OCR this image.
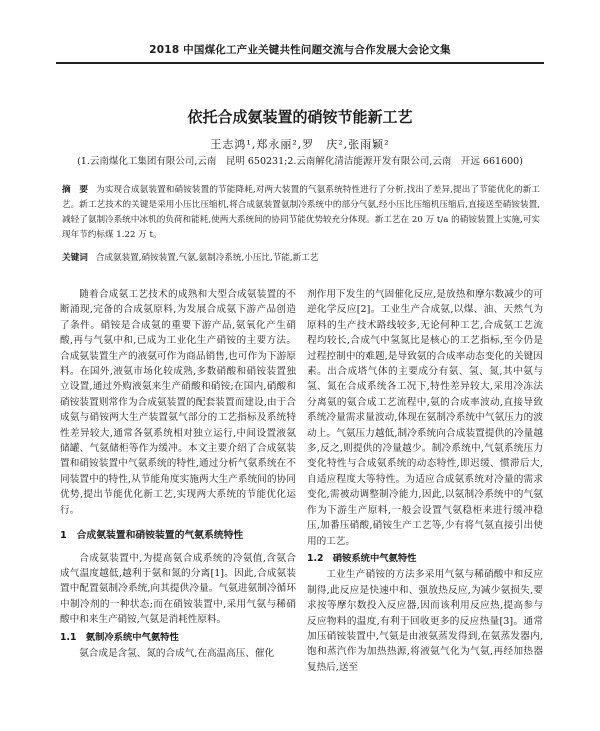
2018 中国煤化工产业关键共性问题交流与合作发展大会论文集
依托合成氨装置的硝铵节能新工艺
王志鸿¹,郑永丽²,罗　庆²,张雨颖²
(1.云南煤化工集团有限公司,云南　昆明 650231;2.云南解化清洁能源开发有限公司,云南　开远 661600)
摘　要 为实现合成氨装置和硝铵装置的节能降耗,对两大装置的气氨系统特性进行了分析,找出了差异,提出了节能优化的新工艺。新工艺技术的关键是采用小压比压缩机,将合成氨装置氨制冷系统中的部分气氨,经小压比压缩机压缩后,直接送至硝铵装置,减轻了氨制冷系统中冰机的负荷和能耗,使两大系统间的协同节能优势较充分体现。新工艺在 20 万 t/a 的硝铵装置上实施,可实现年节约标煤 1.22 万 t。
关键词 合成氨装置,硝铵装置,气氨,氨制冷系统,小压比,节能,新工艺

随着合成氨工艺技术的成熟和大型合成氨装置的不断涌现,完备的合成氨原料,为发展合成氨下游产品创造了条件。硝铵是合成氨的重要下游产品,氨氧化产生硝酸,再与气氨中和,已成为工业化生产硝铵的主要方法。合成氨装置生产的液氨可作为商品销售,也可作为下游原料。在国外,液氨市场化较成熟,多数硝酸和硝铵装置独立设置,通过外购液氨来生产硝酸和硝铵;在国内,硝酸和硝铵装置则常作为合成氨装置的配套装置而建设,由于合成氨与硝铵两大生产装置氨气部分的工艺指标及系统特性差异较大,通常各氨系统相对独立运行,中间设置液氨储罐、气氨储柜等作为缓冲。本文主要介绍了合成氨装置和硝铵装置中气氨系统的特性,通过分析气氨系统在不同装置中的特性,从节能角度实施两大生产系统间的协同优势,提出节能优化新工艺,实现两大系统的节能优化运行。

1　合成氨装置和硝铵装置的气氨系统特性

合成氨装置中,为提高氨合成系统的冷氨值,含氨合成气温度越低,越利于氨和氮的分离[1]。因此,合成氨装置中配置氨制冷系统,向其提供冷量。气氨进氨制冷循环中制冷剂的一种状态;而在硝铵装置中,采用气氨与稀硝酸中和来生产硝铵,气氨是消耗性原料。

1.1　氨制冷系统中气氨特性

氨合成是含氢、氮的合成气,在高温高压、催化

剂作用下发生的气固催化反应,是放热和摩尔数减少的可逆化学反应[2]。工业生产合成氨,以煤、油、天然气为原料的生产技术路线较多,无论何种工艺,合成氨工艺流程均较长,合成气中氢氮比是核心的工艺指标,至今仍是过程控制中的难题,是导致氨的合成率动态变化的关键因素。出合成塔气体的主要成分有氨、氢、氮,其中氨与氢、氮在合成系统各工况下,特性差异较大,采用冷冻法分离氨的氨合成工艺流程中,氨的合成率波动,直接导致系统冷量需求量波动,体现在氨制冷系统中气氨压力的波动上。气氨压力越低,制冷系统向合成装置提供的冷量越多,反之,则提供的冷量越少。制冷系统中,气氨系统压力变化特性与合成氨系统的动态特性,即迟缓、惯滞后大,自适应程度大等特性。为适应合成氨系统对冷量的需求变化,需被动调整制冷能力,因此,以氨制冷系统中的气氨作为下游生产原料,一般会设置气氨稳柜来进行缓冲稳压,加番压硝酸,硝铵生产工艺等,少有将气氨直接引出使用的工艺。

1.2　硝铵系统中气氨特性

工业生产硝铵的方法多采用气氨与稀硝酸中和反应制得,此反应是快速中和、强放热反应,为减少氨损失,要求按等摩尔数投入反应器,因而该利用反应热,提高参与反应物料的温度,有利于回收更多的反应热量[3]。通常加压硝铵装置中,气氨是由液氨蒸发得到,在氨蒸发器内,饱和蒸汽作为加热热源,将液氨气化为气氨,再经加热器复热后,送至
